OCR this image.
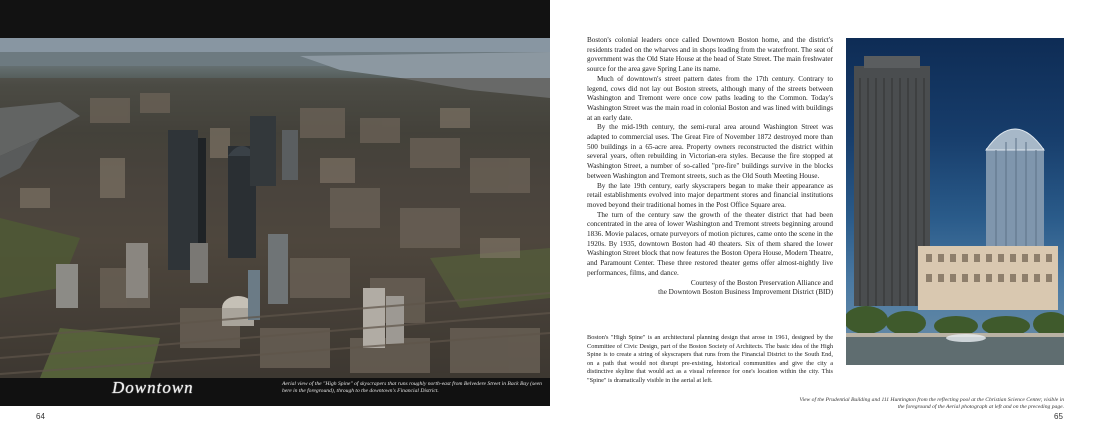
Downtown	Aerial view of the "High Spine" of skyscrapers that runs roughly north-east from Belvedere Street in Back Bay (seen here in the foreground), through to the downtown's Financial District.
64

Boston's colonial leaders once called Downtown Boston home, and the district's residents traded on the wharves and in shops leading from the waterfront. The seat of government was the Old State House at the head of State Street. The main freshwater source for the area gave Spring Lane its name.

Much of downtown's street pattern dates from the 17th century. Contrary to legend, cows did not lay out Boston streets, although many of the streets between Washington and Tremont were once cow paths leading to the Common. Today's Washington Street was the main road in colonial Boston and was lined with buildings at an early date.

By the mid-19th century, the semi-rural area around Washington Street was adapted to commercial uses. The Great Fire of November 1872 destroyed more than 500 buildings in a 65-acre area. Property owners reconstructed the district within several years, often rebuilding in Victorian-era styles. Because the fire stopped at Washington Street, a number of so-called "pre-fire" buildings survive in the blocks between Washington and Tremont streets, such as the Old South Meeting House.

By the late 19th century, early skyscrapers began to make their appearance as retail establishments evolved into major department stores and financial institutions moved beyond their traditional homes in the Post Office Square area.

The turn of the century saw the growth of the theater district that had been concentrated in the area of lower Washington and Tremont streets beginning around 1836. Movie palaces, ornate purveyors of motion pictures, came onto the scene in the 1920s. By 1935, downtown Boston had 40 theaters. Six of them shared the lower Washington Street block that now features the Boston Opera House, Modern Theatre, and Paramount Center. These three restored theater gems offer almost-nightly live performances, films, and dance.

Courtesy of the Boston Preservation Alliance and

the Downtown Boston Business Improvement District (BID)

Boston's "High Spine" is an architectural planning design that arose in 1961, designed by the Committee of Civic Design, part of the Boston Society of Architects. The basic idea of the High Spine is to create a string of skyscrapers that runs from the Financial District to the South End, on a path that would not disrupt pre-existing, historical communities and give the city a distinctive skyline that would act as a visual reference for one's location within the city. This "Spine" is dramatically visible in the aerial at left.
View of the Prudential Building and 111 Huntington from the reflecting pool at the Christian Science Center, visible in the foreground of the Aerial photograph at left and on the preceding page.
65
